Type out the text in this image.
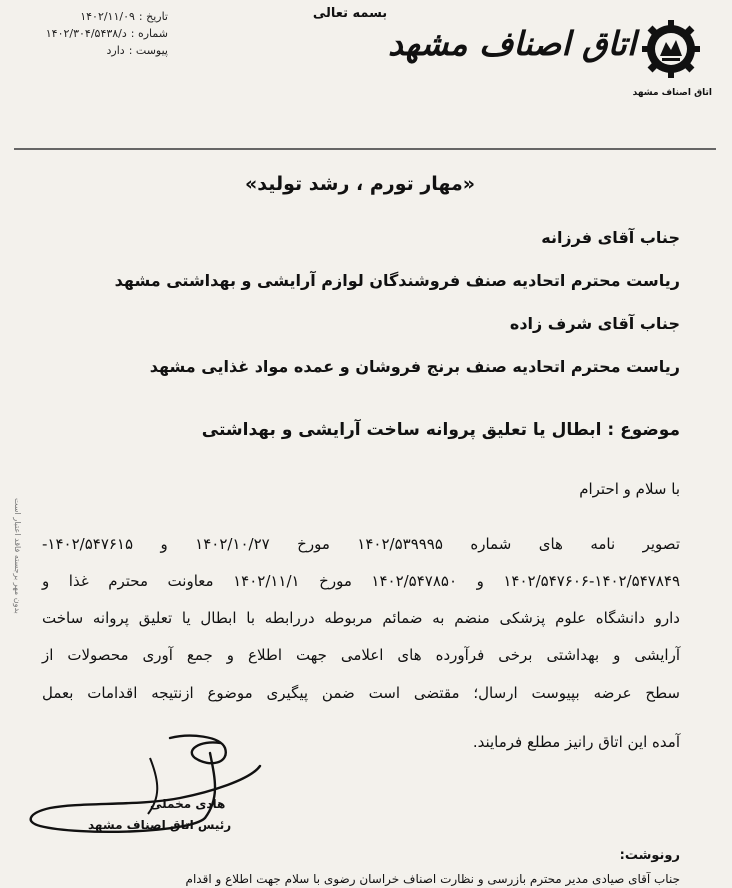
بسمه تعالی
۱۴۰۲/۱۱/۰۹ تاریخ :
۱۴۰۲/۳۰۴/د/۵۴۳۸ شماره :
دارد پیوست :	اتاق اصناف مشهد
اتاق اصناف مشهد
«مهار تورم ، رشد تولید»
جناب آقای فرزانه
ریاست محترم اتحادیه صنف فروشندگان لوازم آرایشی و بهداشتی مشهد
جناب آقای شرف زاده
ریاست محترم اتحادیه صنف برنج فروشان و عمده مواد غذایی مشهد
موضوع : ابطال یا تعلیق پروانه ساخت آرایشی و بهداشتی
با سلام و احترام
تصویر نامه های شماره ۱۴۰۲/۵۳۹۹۹۵ مورخ ۱۴۰۲/۱۰/۲۷ و ۱۴۰۲/۵۴۷۶۱۵-
۱۴۰۲/۵۴۷۶۰۶-۱۴۰۲/۵۴۷۸۴۹ و ۱۴۰۲/۵۴۷۸۵۰ مورخ ۱۴۰۲/۱۱/۱ معاونت محترم غذا و
دارو دانشگاه علوم پزشکی منضم به ضمائم مربوطه دررابطه با ابطال یا تعلیق پروانه ساخت
آرایشی و بهداشتی برخی فرآورده های اعلامی جهت اطلاع و جمع آوری محصولات از
سطح عرضه بپیوست ارسال؛ مقتضی است ضمن پیگیری موضوع ازنتیجه اقدامات بعمل
آمده این اتاق رانیز مطلع فرمایند.
بدون مهر برجسته فاقد اعتبار است
هادی مخملی
رئیس اتاق اصناف مشهد
رونوشت:
جناب آقای صیادی مدیر محترم بازرسی و نظارت اصناف خراسان رضوی با سلام جهت اطلاع و اقدام
